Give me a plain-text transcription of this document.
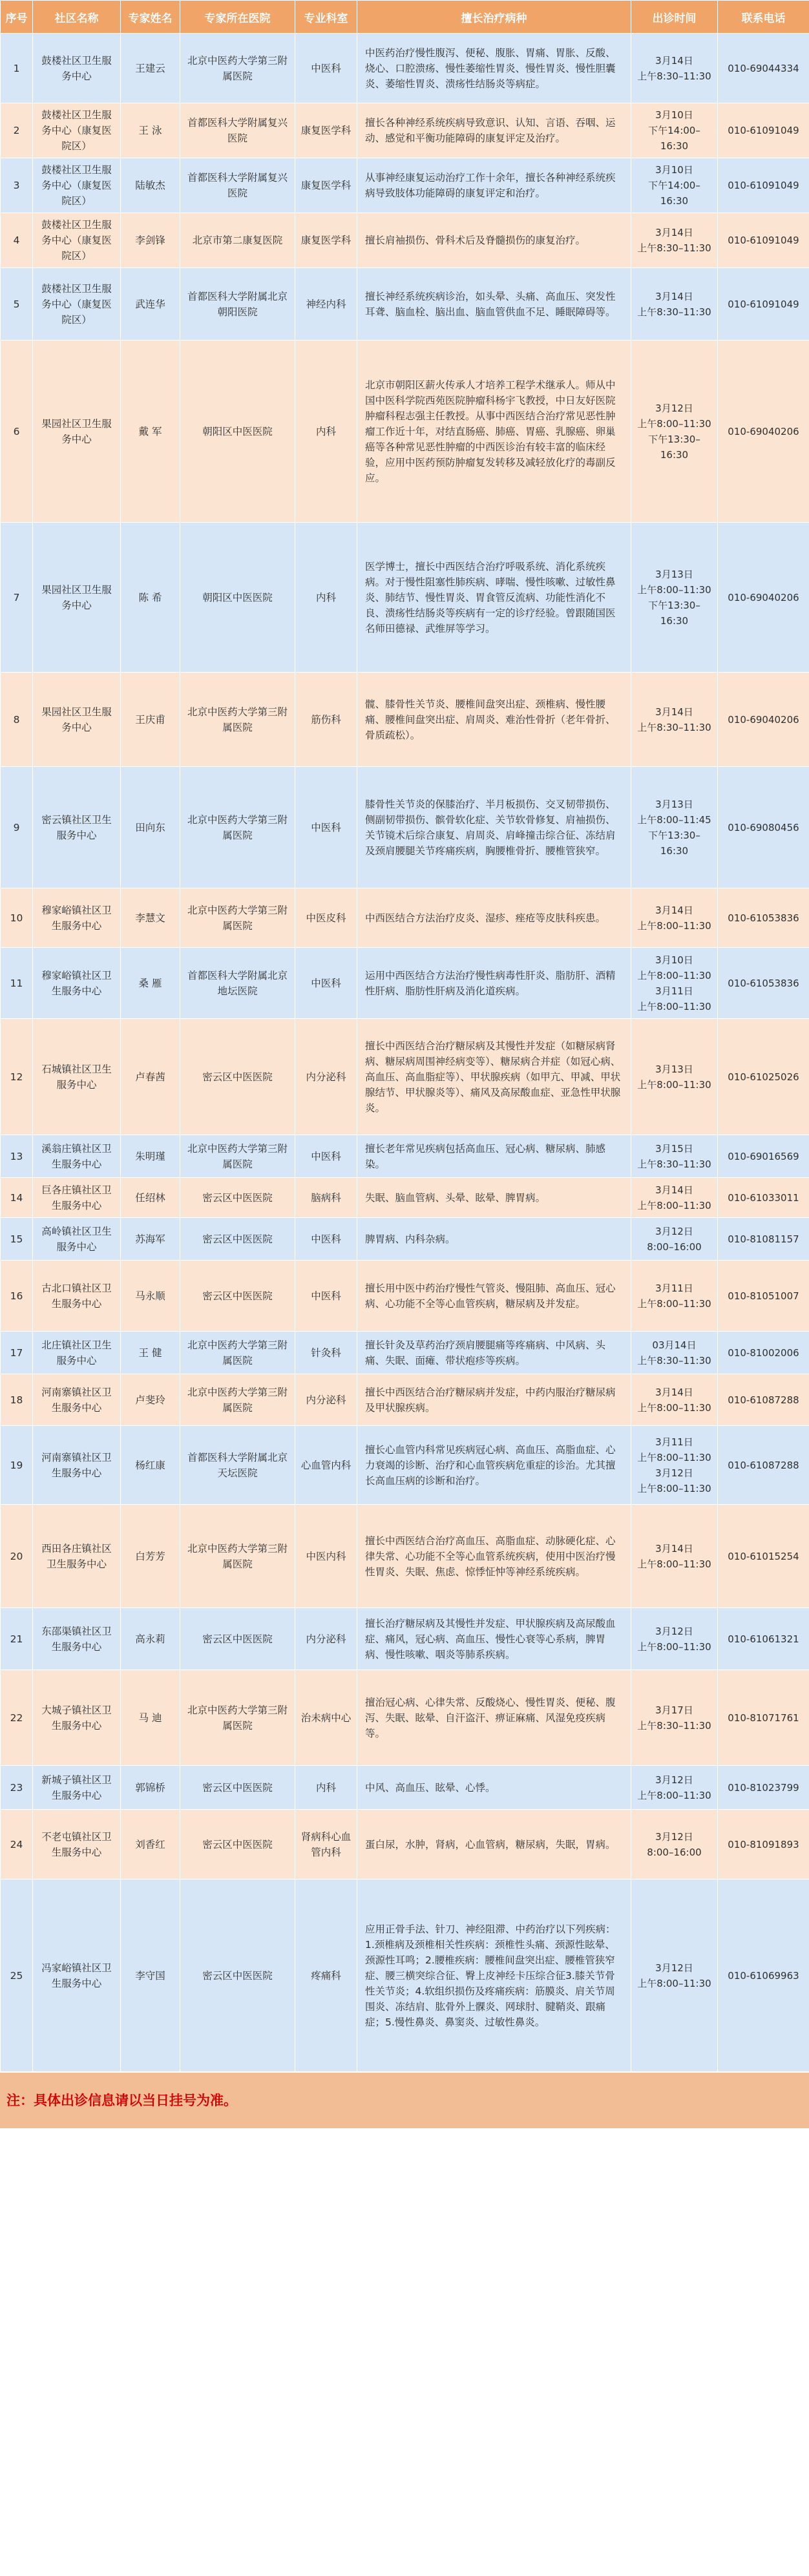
序号	社区名称	专家姓名	专家所在医院	专业科室	擅长治疗病种	出诊时间	联系电话
1	鼓楼社区卫生服务中心	王建云	北京中医药大学第三附属医院	中医科	中医药治疗慢性腹泻、便秘、腹胀、胃痛、胃胀、反酸、烧心、口腔溃疡、慢性萎缩性胃炎、慢性胃炎、慢性胆囊炎、萎缩性胃炎、溃疡性结肠炎等病症。	3月14日
上午8:30–11:30	010-69044334
2	鼓楼社区卫生服务中心（康复医院区）	王 泳	首都医科大学附属复兴医院	康复医学科	擅长各种神经系统疾病导致意识、认知、言语、吞咽、运动、感觉和平衡功能障碍的康复评定及治疗。	3月10日
下午14:00–16:30	010-61091049
3	鼓楼社区卫生服务中心（康复医院区）	陆敏杰	首都医科大学附属复兴医院	康复医学科	从事神经康复运动治疗工作十余年，擅长各种神经系统疾病导致肢体功能障碍的康复评定和治疗。	3月10日
下午14:00–16:30	010-61091049
4	鼓楼社区卫生服务中心（康复医院区）	李剑锋	北京市第二康复医院	康复医学科	擅长肩袖损伤、骨科术后及脊髓损伤的康复治疗。	3月14日
上午8:30–11:30	010-61091049
5	鼓楼社区卫生服务中心（康复医院区）	武连华	首都医科大学附属北京朝阳医院	神经内科	擅长神经系统疾病诊治，如头晕、头痛、高血压、突发性耳聋、脑血栓、脑出血、脑血管供血不足、睡眠障碍等。	3月14日
上午8:30–11:30	010-61091049
6	果园社区卫生服务中心	戴 军	朝阳区中医医院	内科	北京市朝阳区薪火传承人才培养工程学术继承人。师从中国中医科学院西苑医院肿瘤科杨宇飞教授，中日友好医院肿瘤科程志强主任教授。从事中西医结合治疗常见恶性肿瘤工作近十年，对结直肠癌、肺癌、胃癌、乳腺癌、卵巢癌等各种常见恶性肿瘤的中西医诊治有较丰富的临床经验，应用中医药预防肿瘤复发转移及减轻放化疗的毒副反应。	3月12日
上午8:00–11:30
下午13:30–16:30	010-69040206
7	果园社区卫生服务中心	陈 希	朝阳区中医医院	内科	医学博士，擅长中西医结合治疗呼吸系统、消化系统疾病。对于慢性阻塞性肺疾病、哮喘、慢性咳嗽、过敏性鼻炎、肺结节、慢性胃炎、胃食管反流病、功能性消化不良、溃疡性结肠炎等疾病有一定的诊疗经验。曾跟随国医名师田德禄、武维屏等学习。	3月13日
上午8:00–11:30
下午13:30–16:30	010-69040206
8	果园社区卫生服务中心	王庆甫	北京中医药大学第三附属医院	筋伤科	髋、膝骨性关节炎、腰椎间盘突出症、颈椎病、慢性腰痛、腰椎间盘突出症、肩周炎、难治性骨折（老年骨折、骨质疏松）。	3月14日
上午8:30–11:30	010-69040206
9	密云镇社区卫生服务中心	田向东	北京中医药大学第三附属医院	中医科	膝骨性关节炎的保膝治疗、半月板损伤、交叉韧带损伤、侧副韧带损伤、髌骨软化症、关节软骨修复、肩袖损伤、关节镜术后综合康复、肩周炎、肩峰撞击综合征、冻结肩及颈肩腰腿关节疼痛疾病，胸腰椎骨折、腰椎管狭窄。	3月13日
上午8:00–11:45
下午13:30–16:30	010-69080456
10	穆家峪镇社区卫生服务中心	李慧文	北京中医药大学第三附属医院	中医皮科	中西医结合方法治疗皮炎、湿疹、痤疮等皮肤科疾患。	3月14日
上午8:00–11:30	010-61053836
11	穆家峪镇社区卫生服务中心	桑 雁	首都医科大学附属北京地坛医院	中医科	运用中西医结合方法治疗慢性病毒性肝炎、脂肪肝、酒精性肝病、脂肪性肝病及消化道疾病。	3月10日
上午8:00–11:30
3月11日
上午8:00–11:30	010-61053836
12	石城镇社区卫生服务中心	卢春茜	密云区中医医院	内分泌科	擅长中西医结合治疗糖尿病及其慢性并发症（如糖尿病肾病、糖尿病周围神经病变等）、糖尿病合并症（如冠心病、高血压、高血脂症等）、甲状腺疾病（如甲亢、甲减、甲状腺结节、甲状腺炎等）、痛风及高尿酸血症、亚急性甲状腺炎。	3月13日
上午8:00–11:30	010-61025026
13	溪翁庄镇社区卫生服务中心	朱明瑾	北京中医药大学第三附属医院	中医科	擅长老年常见疾病包括高血压、冠心病、糖尿病、肺感染。	3月15日
上午8:30–11:30	010-69016569
14	巨各庄镇社区卫生服务中心	任绍林	密云区中医医院	脑病科	失眠、脑血管病、头晕、眩晕、脾胃病。	3月14日
上午8:00–11:30	010-61033011
15	高岭镇社区卫生服务中心	苏海军	密云区中医医院	中医科	脾胃病、内科杂病。	3月12日
8:00–16:00	010-81081157
16	古北口镇社区卫生服务中心	马永顺	密云区中医医院	中医科	擅长用中医中药治疗慢性气管炎、慢阻肺、高血压、冠心病、心功能不全等心血管疾病，糖尿病及并发症。	3月11日
上午8:00–11:30	010-81051007
17	北庄镇社区卫生服务中心	王 健	北京中医药大学第三附属医院	针灸科	擅长针灸及草药治疗颈肩腰腿痛等疼痛病、中风病、头痛、失眠、面瘫、带状疱疹等疾病。	03月14日
上午8:30–11:30	010-81002006
18	河南寨镇社区卫生服务中心	卢斐玲	北京中医药大学第三附属医院	内分泌科	擅长中西医结合治疗糖尿病并发症，中药内服治疗糖尿病及甲状腺疾病。	3月14日
上午8:00–11:30	010-61087288
19	河南寨镇社区卫生服务中心	杨红康	首都医科大学附属北京天坛医院	心血管内科	擅长心血管内科常见疾病冠心病、高血压、高脂血症、心力衰竭的诊断、治疗和心血管疾病危重症的诊治。尤其擅长高血压病的诊断和治疗。	3月11日
上午8:00–11:30
3月12日
上午8:00–11:30	010-61087288
20	西田各庄镇社区卫生服务中心	白芳芳	北京中医药大学第三附属医院	中医内科	擅长中西医结合治疗高血压、高脂血症、动脉硬化症、心律失常、心功能不全等心血管系统疾病，使用中医治疗慢性胃炎、失眠、焦虑、惊悸怔忡等神经系统疾病。	3月14日
上午8:00–11:30	010-61015254
21	东邵渠镇社区卫生服务中心	高永莉	密云区中医医院	内分泌科	擅长治疗糖尿病及其慢性并发症、甲状腺疾病及高尿酸血症、痛风，冠心病、高血压、慢性心衰等心系病，脾胃病、慢性咳嗽、咽炎等肺系疾病。	3月12日
上午8:00–11:30	010-61061321
22	大城子镇社区卫生服务中心	马 迪	北京中医药大学第三附属医院	治未病中心	擅治冠心病、心律失常、反酸烧心、慢性胃炎、便秘、腹泻、失眠、眩晕、自汗盗汗、痹证麻痛、风湿免疫疾病等。	3月17日
上午8:30–11:30	010-81071761
23	新城子镇社区卫生服务中心	郭锦桥	密云区中医医院	内科	中风、高血压、眩晕、心悸。	3月12日
上午8:00–11:30	010-81023799
24	不老屯镇社区卫生服务中心	刘香红	密云区中医医院	肾病科心血管内科	蛋白尿，水肿，肾病，心血管病，糖尿病，失眠，胃病。	3月12日
8:00–16:00	010-81091893
25	冯家峪镇社区卫生服务中心	李守国	密云区中医医院	疼痛科	应用正骨手法、针刀、神经阻滞、中药治疗以下列疾病：1.颈椎病及颈椎相关性疾病：颈椎性头痛、颈源性眩晕、颈源性耳鸣；2.腰椎疾病：腰椎间盘突出症、腰椎管狭窄症、腰三横突综合征、臀上皮神经卡压综合征3.膝关节骨性关节炎；4.软组织损伤及疼痛疾病：筋膜炎、肩关节周围炎、冻结肩、肱骨外上髁炎、网球肘、腱鞘炎、跟痛症；5.慢性鼻炎、鼻窦炎、过敏性鼻炎。	3月12日
上午8:00–11:30	010-61069963
注：具体出诊信息请以当日挂号为准。
